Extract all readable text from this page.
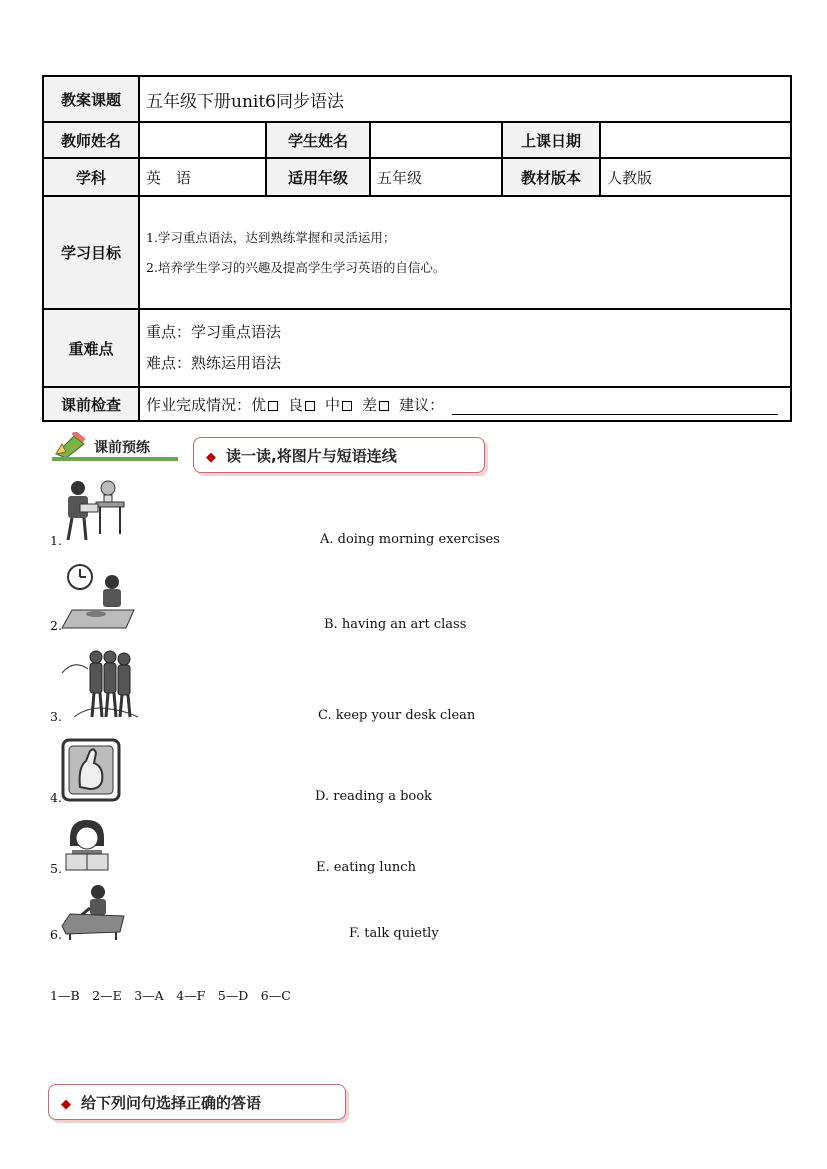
教案课题	五年级下册unit6同步语法				
教师姓名		学生姓名		上课日期	
学科	英　语	适用年级	五年级	教材版本	人教版
学习目标	1.学习重点语法，达到熟练掌握和灵活运用；
2.培养学生学习的兴趣及提高学生学习英语的自信心。				

重难点	重点：学习重点语法
难点：熟练运用语法				

课前检查	作业完成情况：优 良 中 差 建议：				
课前预练
◆ 读一读,将图片与短语连线
1.	A. doing morning exercises
2.	B. having an art class
3.	C. keep your desk clean
4.	D. reading a book
5.	E. eating lunch
6.	F. talk quietly
1—B　2—E　3—A　4—F　5—D　6—C
◆ 给下列问句选择正确的答语
